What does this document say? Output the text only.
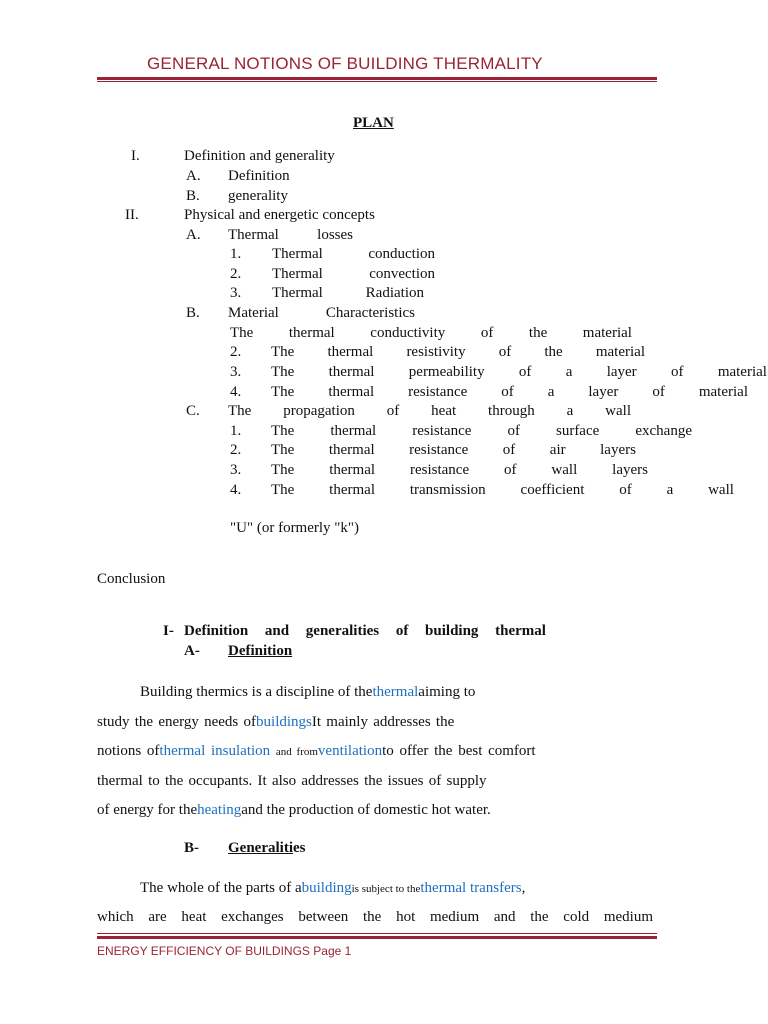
GENERAL NOTIONS OF BUILDING THERMALITY
PLAN
I.	Definition and generality
A. Definition
B. generality
II.	Physical and energetic concepts
A. Thermal	losses
1. Thermal	conduction
2. Thermal	convection
3. Thermal	Radiation
B. Material	Characteristics
The thermal conductivity of the material
2. The thermal resistivity of the material
3. The thermal permeability of a layer of material
4. The thermal resistance of a layer of material
C. The propagation of heat through a wall
1. The thermal resistance of surface exchange
2. The thermal resistance of air layers
3. The thermal resistance of wall layers
4. The thermal transmission coefficient of a wall
"U" (or formerly "k")
Conclusion
I- Definition and generalities of building thermal
A- Definition
Building thermics is a discipline of thethermalaiming to
study the energy needs ofbuildingsIt mainly addresses the
notions ofthermal insulation and fromventilationto offer the best comfort
thermal to the occupants. It also addresses the issues of supply
of energy for theheatingand the production of domestic hot water.
B- Generalities
The whole of the parts of abuildingis subject to thethermal transfers,
which are heat exchanges between the hot medium and the cold medium
ENERGY EFFICIENCY OF BUILDINGS Page 1
